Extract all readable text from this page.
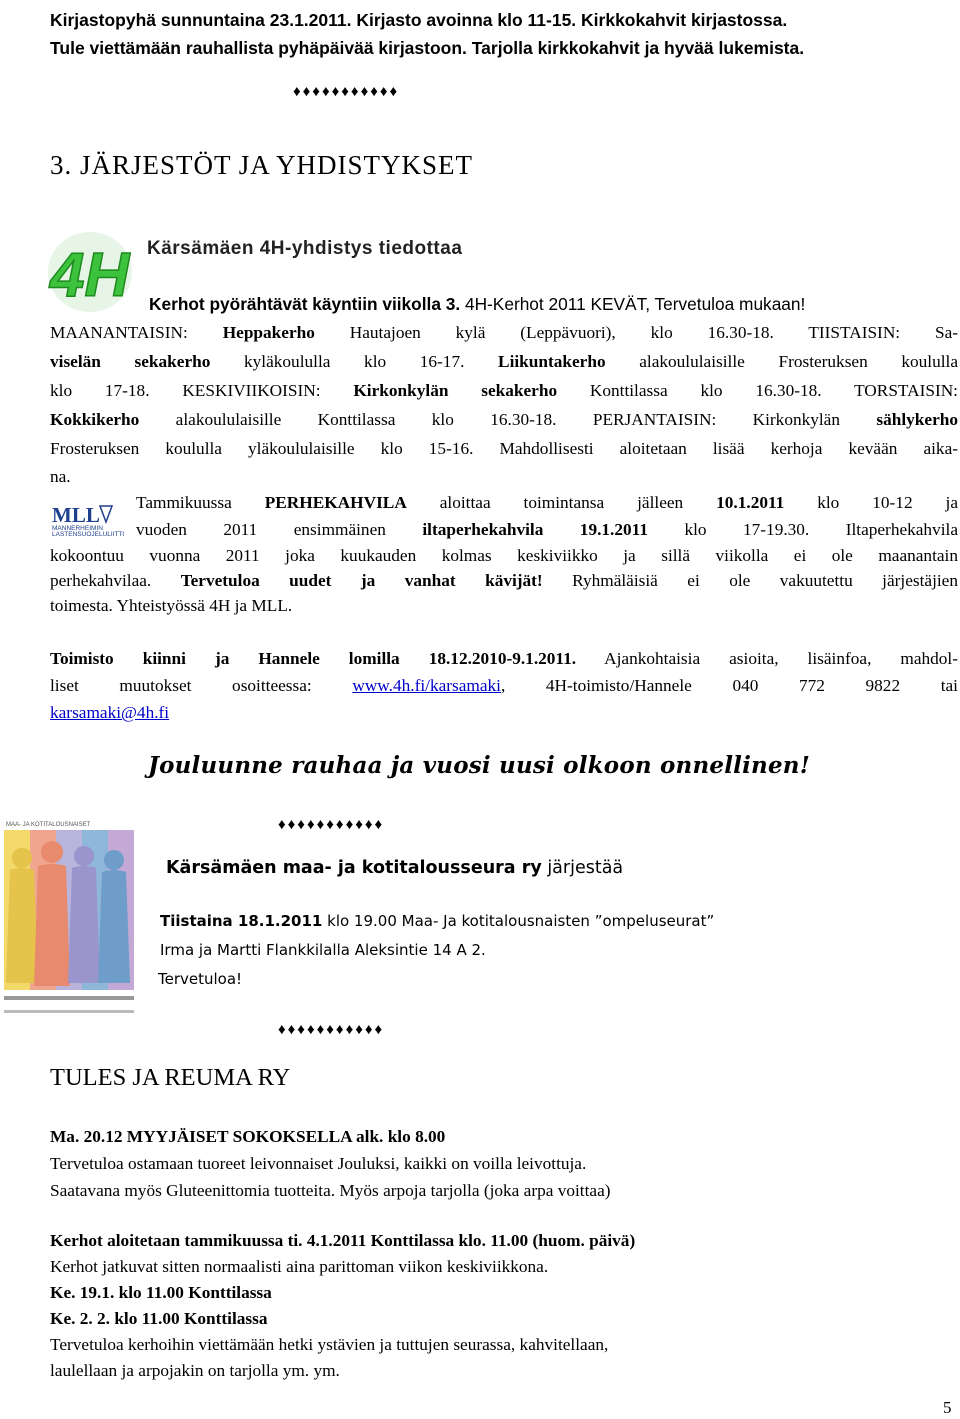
Kirjastopyhä sunnuntaina 23.1.2011. Kirjasto avoinna klo 11-15. Kirkkokahvit kirjastossa.
Tule viettämään rauhallista pyhäpäivää kirjastoon. Tarjolla kirkkokahvit ja hyvää lukemista.
♦♦♦♦♦♦♦♦♦♦♦
3. JÄRJESTÖT JA YHDISTYKSET
4H Kärsämäen 4H-yhdistys tiedottaa
Kerhot pyörähtävät käyntiin viikolla 3. 4H-Kerhot 2011 KEVÄT, Tervetuloa mukaan!
MAANANTAISIN: Heppakerho Hautajoen kylä (Leppävuori), klo 16.30-18. TIISTAISIN: Sa-
viselän sekakerho kyläkoululla klo 16-17. Liikuntakerho alakoululaisille Frosteruksen koululla
klo 17-18. KESKIVIIKOISIN: Kirkonkylän sekakerho Konttilassa klo 16.30-18. TORSTAISIN:
Kokkikerho alakoululaisille Konttilassa klo 16.30-18. PERJANTAISIN: Kirkonkylän sählykerho
Frosteruksen koululla yläkoululaisille klo 15-16. Mahdollisesti aloitetaan lisää kerhoja kevään aika-
na.
MLL
MANNERHEIMIN
LASTENSUOJELULIITTO
Tammikuussa PERHEKAHVILA aloittaa toimintansa jälleen 10.1.2011 klo 10-12 ja
vuoden 2011 ensimmäinen iltaperhekahvila 19.1.2011 klo 17-19.30. Iltaperhekahvila
kokoontuu vuonna 2011 joka kuukauden kolmas keskiviikko ja sillä viikolla ei ole maanantain
perhekahvilaa. Tervetuloa uudet ja vanhat kävijät! Ryhmäläisiä ei ole vakuutettu järjestäjien
toimesta. Yhteistyössä 4H ja MLL.
Toimisto kiinni ja Hannele lomilla 18.12.2010-9.1.2011. Ajankohtaisia asioita, lisäinfoa, mahdol-
liset muutokset osoitteessa: www.4h.fi/karsamaki, 4H-toimisto/Hannele 040 772 9822 tai
karsamaki@4h.fi
Jouluunne rauhaa ja vuosi uusi olkoon onnellinen!
♦♦♦♦♦♦♦♦♦♦♦
MAA- JA KOTITALOUSNAISET
Kärsämäen maa- ja kotitalousseura ry järjestää
Tiistaina 18.1.2011 klo 19.00 Maa- Ja kotitalousnaisten ”ompeluseurat”
Irma ja Martti Flankkilalla Aleksintie 14 A 2.
Tervetuloa!
♦♦♦♦♦♦♦♦♦♦♦
TULES JA REUMA RY
Ma. 20.12 MYYJÄISET SOKOKSELLA alk. klo 8.00
Tervetuloa ostamaan tuoreet leivonnaiset Jouluksi, kaikki on voilla leivottuja.
Saatavana myös Gluteenittomia tuotteita. Myös arpoja tarjolla (joka arpa voittaa)
Kerhot aloitetaan tammikuussa ti. 4.1.2011 Konttilassa klo. 11.00 (huom. päivä)
Kerhot jatkuvat sitten normaalisti aina parittoman viikon keskiviikkona.
Ke. 19.1. klo 11.00 Konttilassa
Ke. 2. 2. klo 11.00 Konttilassa
Tervetuloa kerhoihin viettämään hetki ystävien ja tuttujen seurassa, kahvitellaan,
laulellaan ja arpojakin on tarjolla ym. ym.
5
